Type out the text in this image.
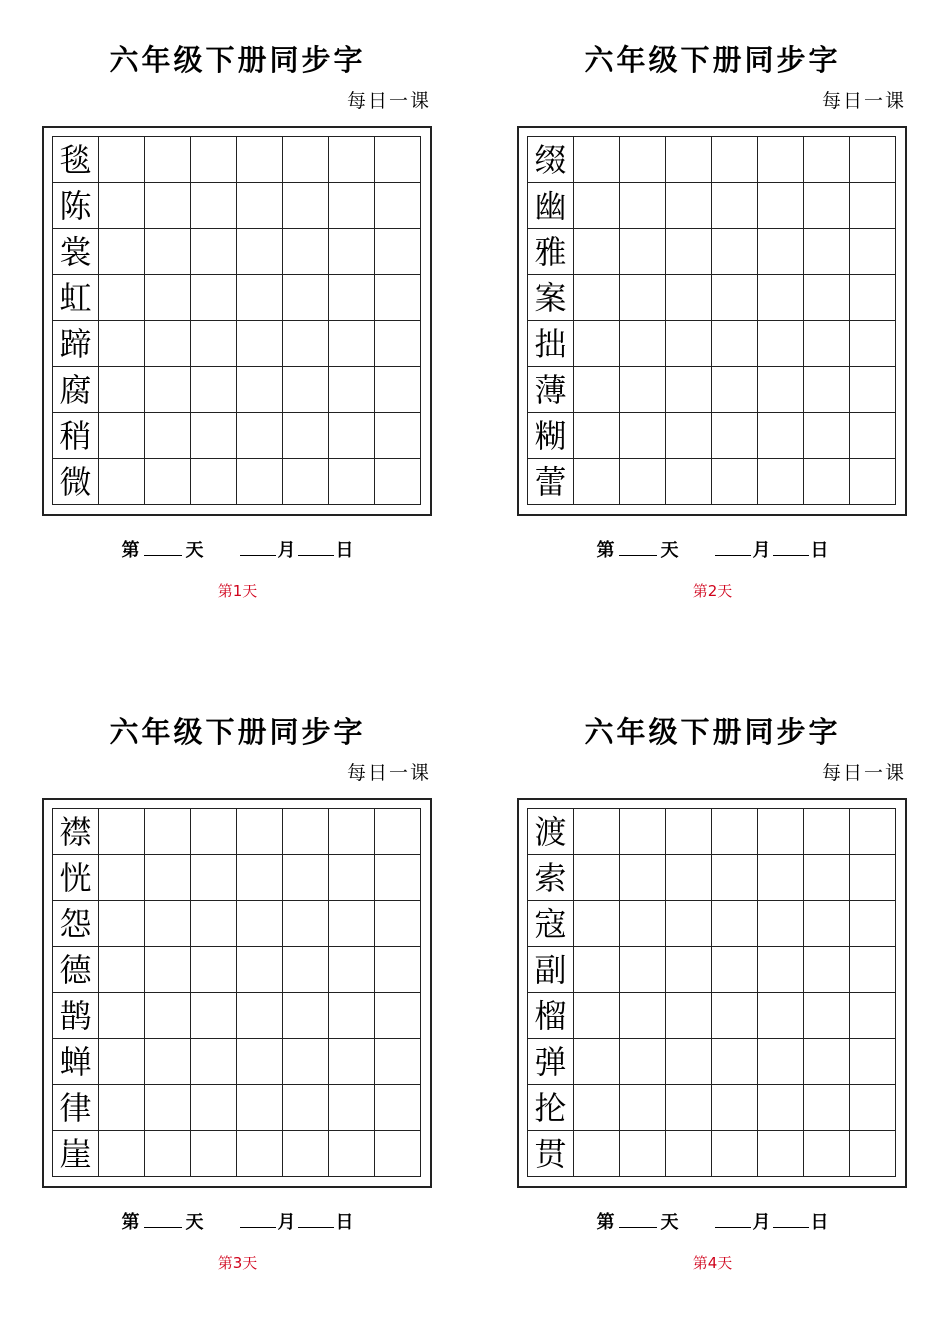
六年级下册同步字
每日一课
毯
陈
裳
虹
蹄
腐
稍
微
第	天	月 日
第1天
六年级下册同步字
每日一课
缀
幽
雅
案
拙
薄
糊
蕾
第	天	月 日
第2天
六年级下册同步字
每日一课
襟
恍
怨
德
鹊
蝉
律
崖
第	天	月 日
第3天
六年级下册同步字
每日一课
渡
索
寇
副
榴
弹
抡
贯
第	天	月 日
第4天
